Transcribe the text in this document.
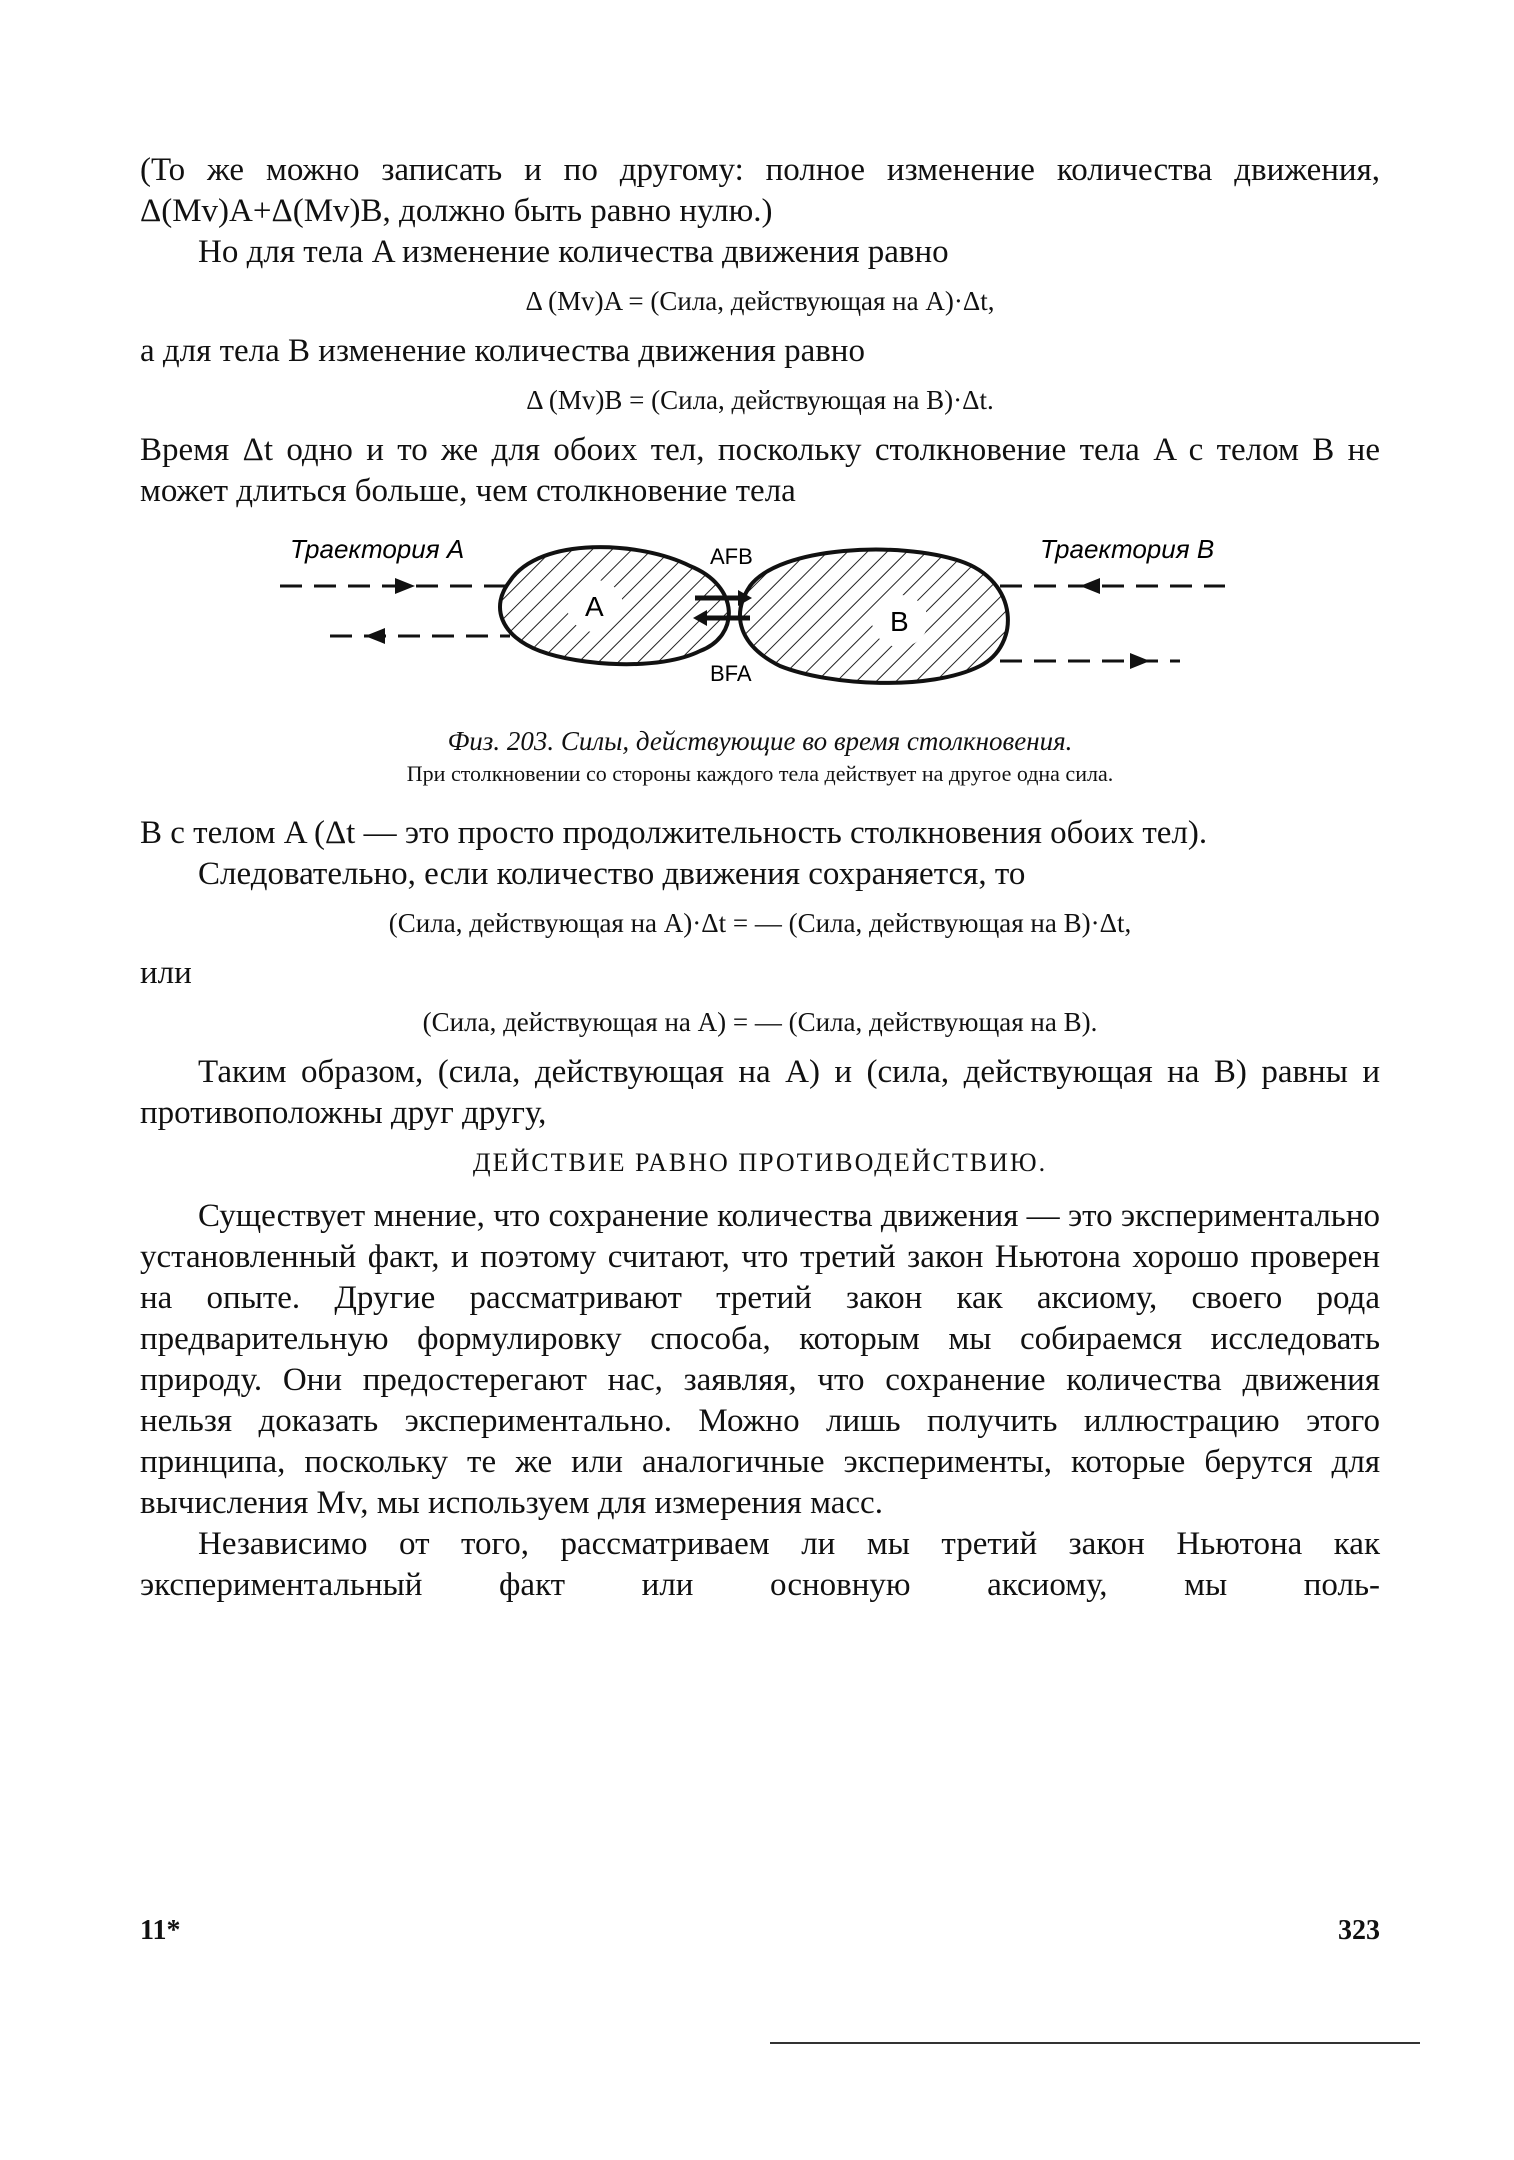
(То же можно записать и по другому: полное изменение количества движения, Δ(Mv)A+Δ(Mv)B, должно быть равно нулю.)

Но для тела A изменение количества движения равно

Δ (Mv)A = (Сила, действующая на A)·Δt,

а для тела B изменение количества движения равно

Δ (Mv)B = (Сила, действующая на B)·Δt.

Время Δt одно и то же для обоих тел, поскольку столкновение тела A с телом B не может длиться больше, чем столкновение тела

Траектория A	Траектория B
A	B
AFB
BFA
Физ. 203. Силы, действующие во время столкновения.
При столкновении со стороны каждого тела действует на другое одна сила.

B с телом A (Δt — это просто продолжительность столкновения обоих тел).

Следовательно, если количество движения сохраняется, то

(Сила, действующая на A)·Δt = — (Сила, действующая на B)·Δt,
или
(Сила, действующая на A) = — (Сила, действующая на B).

Таким образом, (сила, действующая на A) и (сила, действующая на B) равны и противоположны друг другу,

ДЕЙСТВИЕ РАВНО ПРОТИВОДЕЙСТВИЮ.

Существует мнение, что сохранение количества движения — это экспериментально установленный факт, и поэтому считают, что третий закон Ньютона хорошо проверен на опыте. Другие рассматривают третий закон как аксиому, своего рода предварительную формулировку способа, которым мы собираемся исследовать природу. Они предостерегают нас, заявляя, что сохранение количества движения нельзя доказать экспериментально. Можно лишь получить иллюстрацию этого принципа, поскольку те же или аналогичные эксперименты, которые берутся для вычисления Mv, мы используем для измерения масс.

Независимо от того, рассматриваем ли мы третий закон Ньютона как экспериментальный факт или основную аксиому, мы поль-

11*	323
